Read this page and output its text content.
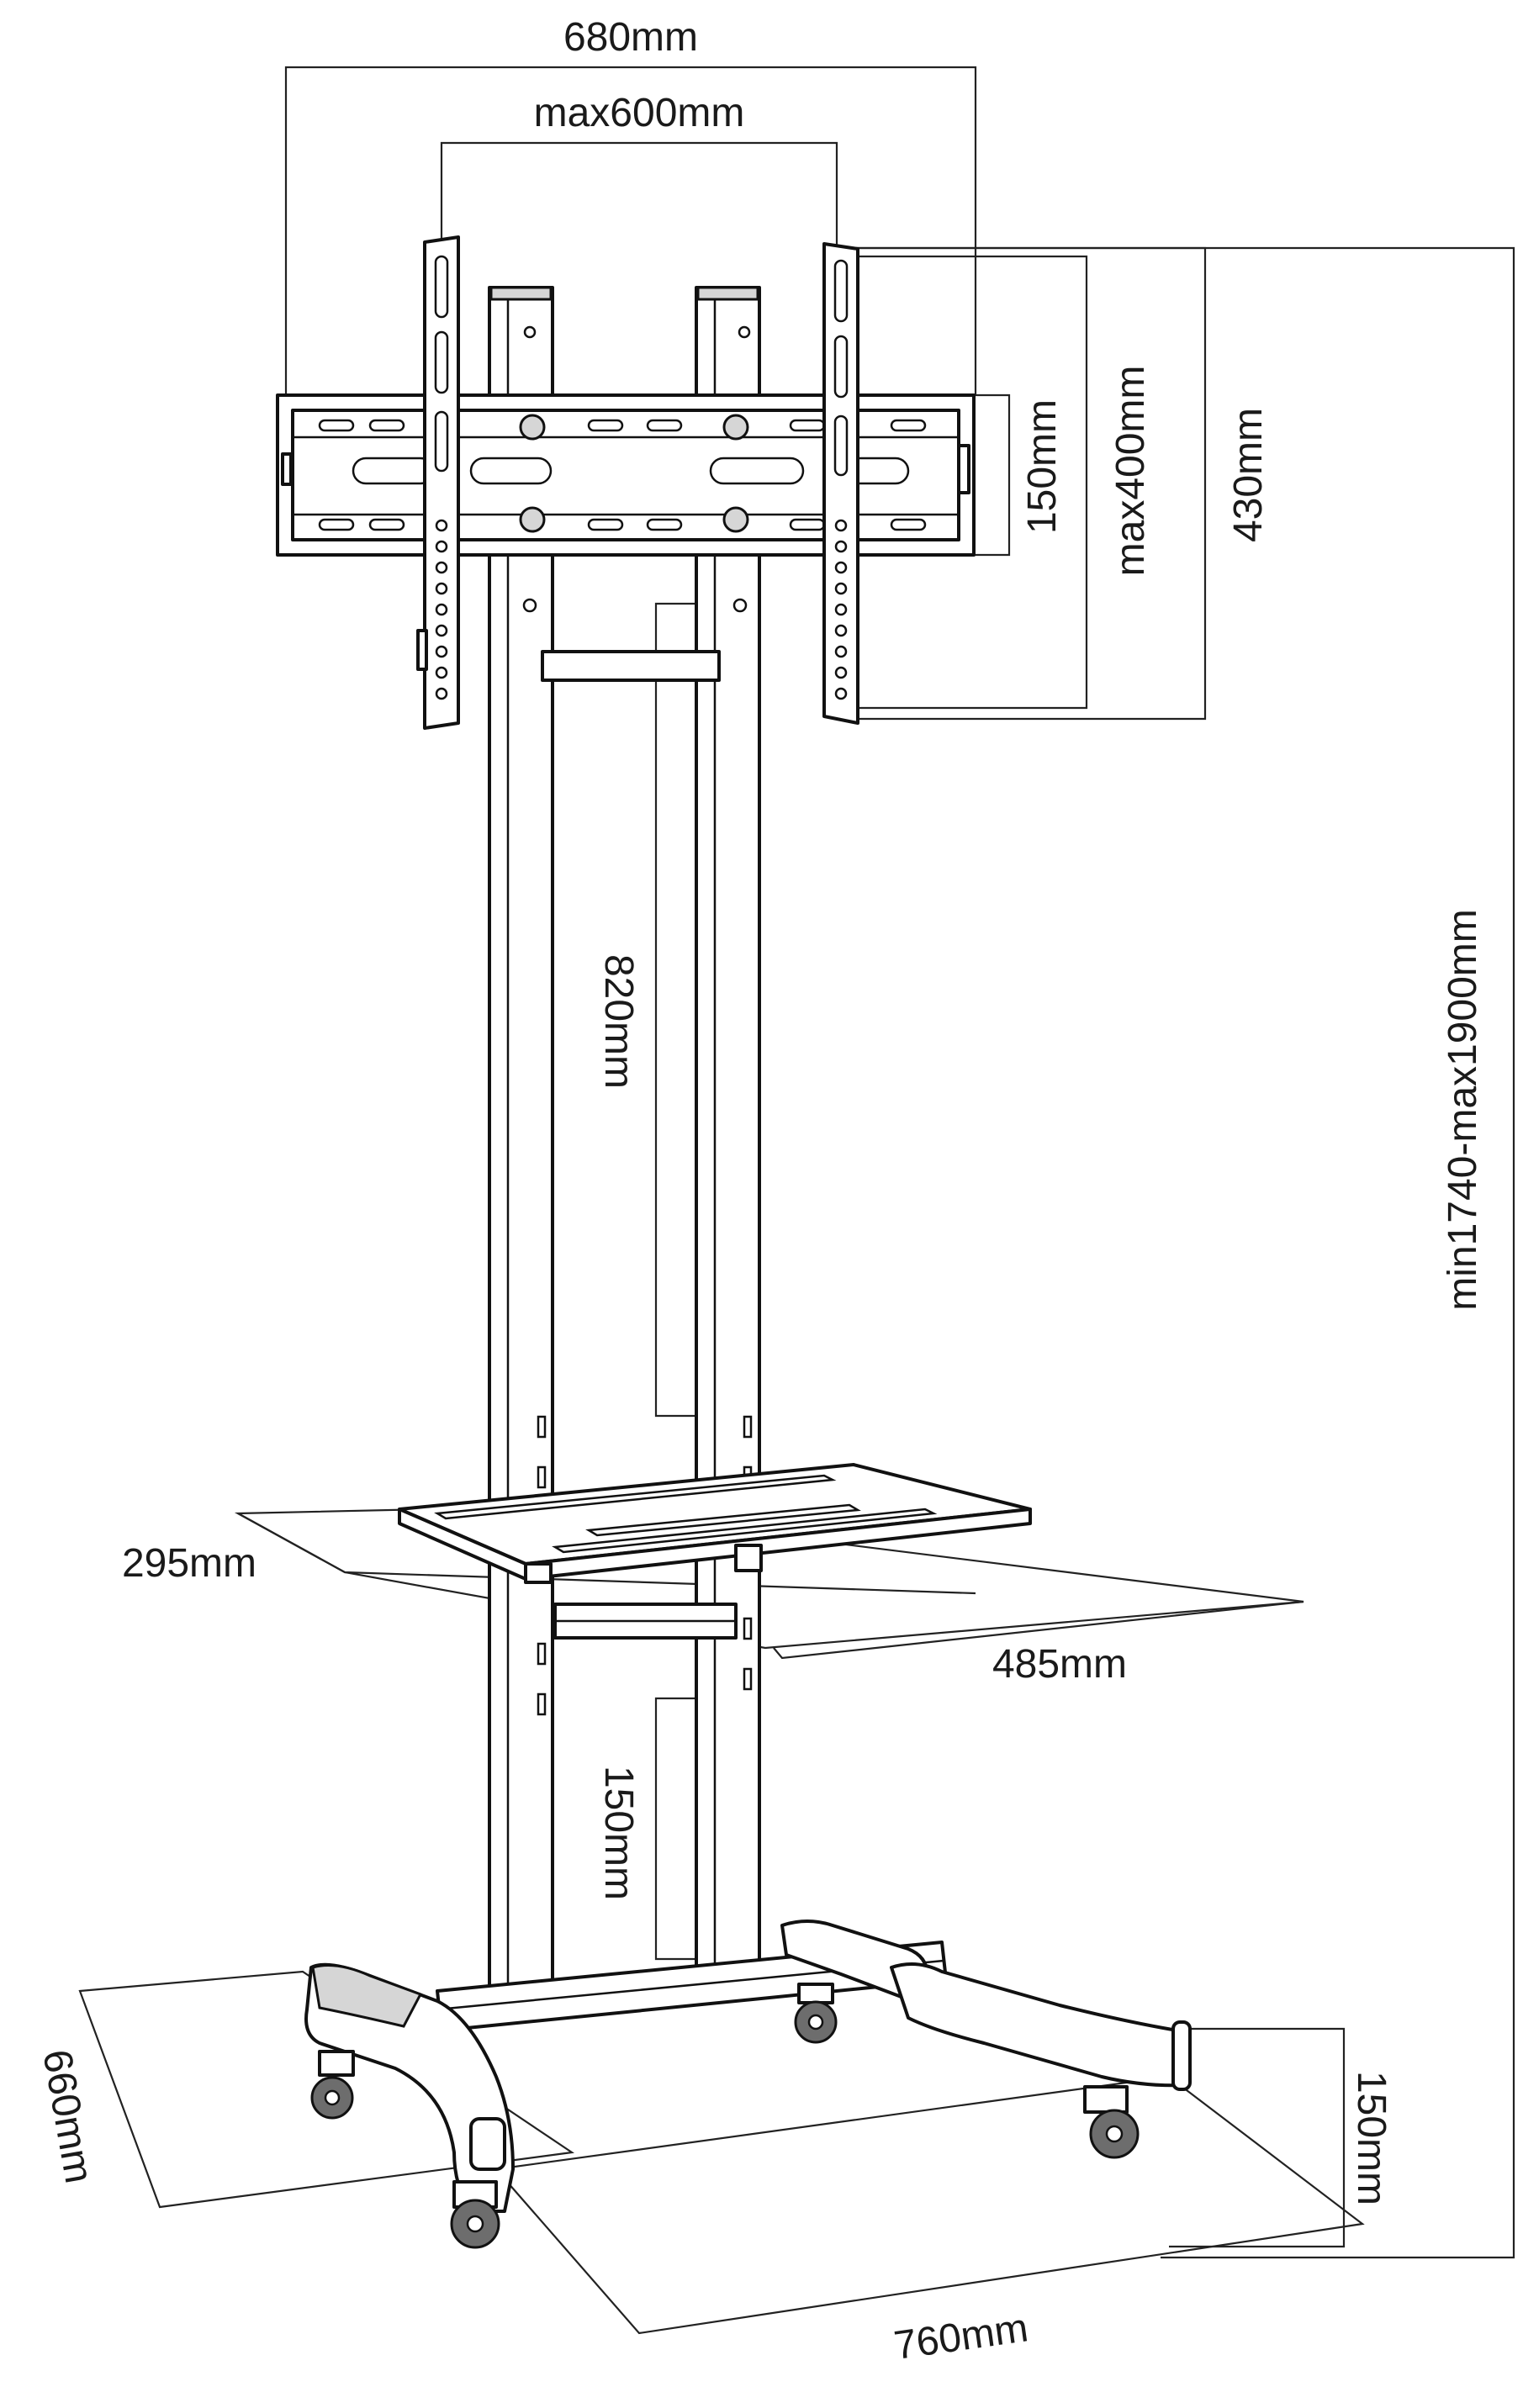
680mm
max600mm
150mm max400mm 430mm
820mm	min1740-max1900mm
295mm
485mm
150mm
150mm
660mm
760mm
